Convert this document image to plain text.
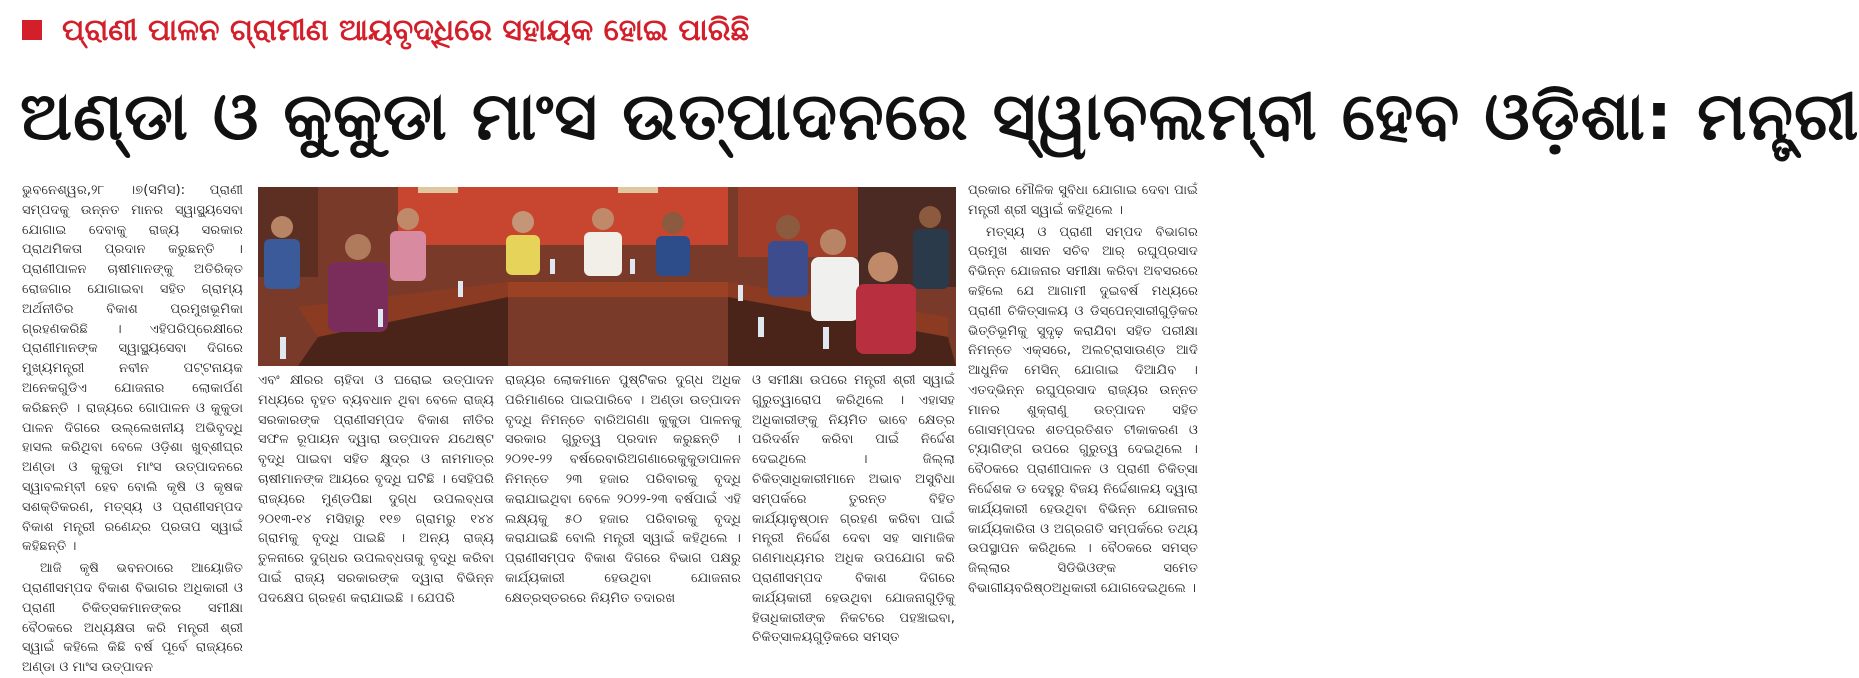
ପ୍ରାଣୀ ପାଳନ ଗ୍ରାମୀଣ ଆୟବୃଦ୍ଧିରେ ସହାୟକ ହୋଇ ପାରିଛି
ଅଣ୍ଡା ଓ କୁକୁଡା ମାଂସ ଉତ୍ପାଦନରେ ସ୍ୱାବଲମ୍ବୀ ହେବ ଓଡ଼ିଶା: ମନ୍ତ୍ରୀ

ଭୁବନେଶ୍ୱର,୨୮ ।୭(ସମିସ): ପ୍ରାଣୀ ସମ୍ପଦକୁ ଉନ୍ନତ ମାନର ସ୍ୱାସ୍ଥ୍ୟସେବା ଯୋଗାଇ ଦେବାକୁ ରାଜ୍ୟ ସରକାର ପ୍ରାଥମିକତା ପ୍ରଦାନ କରୁଛନ୍ତି । ପ୍ରାଣୀପାଳନ ଚାଷୀମାନଙ୍କୁ ଅତିରିକ୍ତ ରୋଜଗାର ଯୋଗାଇବା ସହିତ ଗ୍ରାମ୍ୟ ଅର୍ଥନୀତିର ବିକାଶ ପ୍ରମୁଖଭୂମିକା ଗ୍ରହଣକରିଛି । ଏହିପରିପ୍ରେକ୍ଷୀରେ ପ୍ରାଣୀମାନଙ୍କ ସ୍ୱାସ୍ଥ୍ୟସେବା ଦିଗରେ ମୁଖ୍ୟମନ୍ତ୍ରୀ ନବୀନ ପଟ୍ଟନାୟକ ଅନେକଗୁଡିଏ ଯୋଜନାର ଲୋକାର୍ପଣ କରିଛନ୍ତି । ରାଜ୍ୟରେ ଗୋପାଳନ ଓ କୁକୁଡା ପାଳନ ଦିଗରେ ଉଲ୍ଲେଖନୀୟ ଅଭିବୃଦ୍ଧି ହାସଲ କରିଥିବା ବେଳେ ଓଡ଼ିଶା ଖୁବ୍‌ଶୀଘ୍ର ଅଣ୍ଡା ଓ କୁକୁଡା ମାଂସ ଉତ୍ପାଦନରେ ସ୍ୱାବଲମ୍ବୀ ହେବ ବୋଲି କୃଷି ଓ କୃଷକ ସଶକ୍ତିକରଣ, ମତ୍ସ୍ୟ ଓ ପ୍ରାଣୀସମ୍ପଦ ବିକାଶ ମନ୍ତ୍ରୀ ରଣେନ୍ଦ୍ର ପ୍ରତାପ ସ୍ୱାଇଁ କହିଛନ୍ତି ।

ଆଜି କୃଷି ଭବନଠାରେ ଆୟୋଜିତ ପ୍ରାଣୀସମ୍ପଦ ବିକାଶ ବିଭାଗର ଅଧିକାରୀ ଓ ପ୍ରାଣୀ ଚିକିତ୍ସକମାନଙ୍କର ସମୀକ୍ଷା ବୈଠକରେ ଅଧ୍ୟକ୍ଷତା କରି ମନ୍ତ୍ରୀ ଶ୍ରୀ ସ୍ୱାଇଁ କହିଲେ କିଛି ବର୍ଷ ପୂର୍ବେ ରାଜ୍ୟରେ ଅଣ୍ଡା ଓ ମାଂସ ଉତ୍ପାଦନ

ଏବଂ କ୍ଷୀରର ଚାହିଦା ଓ ଘରୋଇ ଉତ୍ପାଦନ ମଧ୍ୟରେ ବୃହତ ବ୍ୟବଧାନ ଥିବା ବେଳେ ରାଜ୍ୟ ସରକାରଙ୍କ ପ୍ରାଣୀସମ୍ପଦ ବିକାଶ ନୀତିର ସଫଳ ରୂପାୟନ ଦ୍ୱାରା ଉତ୍ପାଦନ ଯଥେଷ୍ଟ ବୃଦ୍ଧି ପାଇବା ସହିତ କ୍ଷୁଦ୍ର ଓ ନାମମାତ୍ର ଚାଷୀମାନଙ୍କ ଆୟରେ ବୃଦ୍ଧି ଘଟିଛି । ସେହିପରି ରାଜ୍ୟରେ ମୁଣ୍ଡପିଛା ଦୁଗ୍ଧ ଉପଲବ୍ଧତା ୨୦୧୩-୧୪ ମସିହାରୁ ୧୧୭ ଗ୍ରାମରୁ ୧୪୪ ଗ୍ରାମକୁ ବୃଦ୍ଧି ପାଇଛି । ଅନ୍ୟ ରାଜ୍ୟ ତୁଳନାରେ ଦୁଗ୍ଧର ଉପଲବ୍ଧତାକୁ ବୃଦ୍ଧି କରିବା ପାଇଁ ରାଜ୍ୟ ସରକାରଙ୍କ ଦ୍ୱାରା ବିଭିନ୍ନ ପଦକ୍ଷେପ ଗ୍ରହଣ କରାଯାଇଛି । ଯେପରି

ରାଜ୍ୟର ଲୋକମାନେ ପୁଷ୍ଟିକର ଦୁଗ୍ଧ ଅଧିକ ପରିମାଣରେ ପାଇପାରିବେ । ଅଣ୍ଡା ଉତ୍ପାଦନ ବୃଦ୍ଧି ନିମନ୍ତେ ବାରିଅଗଣା କୁକୁଡା ପାଳନକୁ ସରକାର ଗୁରୁତ୍ୱ ପ୍ରଦାନ କରୁଛନ୍ତି । ୨୦୨୧-୨୨ ବର୍ଷରେବାରିଅଗଣାରେକୁକୁଡାପାଳନ ନିମନ୍ତେ ୨୩ ହଜାର ପରିବାରକୁ ବୃଦ୍ଧି କରାଯାଇଥିବା ବେଳେ ୨୦୨୨-୨୩ ବର୍ଷପାଇଁ ଏହି ଲକ୍ଷ୍ୟକୁ ୫୦ ହଜାର ପରିବାରକୁ ବୃଦ୍ଧି କରାଯାଇଛି ବୋଲି ମନ୍ତ୍ରୀ ସ୍ୱାଇଁ କହିଥିଲେ । ପ୍ରାଣୀସମ୍ପଦ ବିକାଶ ଦିଗରେ ବିଭାଗ ପକ୍ଷରୁ କାର୍ଯ୍ୟକାରୀ ହେଉଥିବା ଯୋଜନାର କ୍ଷେତ୍ରସ୍ତରରେ ନିୟମିତ ତଦାରଖ

ଓ ସମୀକ୍ଷା ଉପରେ ମନ୍ତ୍ରୀ ଶ୍ରୀ ସ୍ୱାଇଁ ଗୁରୁତ୍ୱାରୋପ କରିଥିଲେ । ଏହାସହ ଅଧିକାରୀଙ୍କୁ ନିୟମିତ ଭାବେ କ୍ଷେତ୍ର ପରିଦର୍ଶନ କରିବା ପାଇଁ ନିର୍ଦ୍ଦେଶ ଦେଇଥିଲେ । ଜିଲ୍ଲା ଚିକିତ୍ସାଧିକାରୀମାନେ ଅଭାବ ଅସୁବିଧା ସମ୍ପର୍କରେ ତୁରନ୍ତ ବିହିତ କାର୍ଯ୍ୟାନୁଷ୍ଠାନ ଗ୍ରହଣ କରିବା ପାଇଁ ମନ୍ତ୍ରୀ ନିର୍ଦ୍ଦେଶ ଦେବା ସହ ସାମାଜିକ ଗଣମାଧ୍ୟମର ଅଧିକ ଉପଯୋଗ କରି ପ୍ରାଣୀସମ୍ପଦ ବିକାଶ ଦିଗରେ କାର୍ଯ୍ୟକାରୀ ହେଉଥିବା ଯୋଜନାଗୁଡ଼ିକୁ ହିତାଧିକାରୀଙ୍କ ନିକଟରେ ପହଞ୍ଚାଇବା, ଚିକିତ୍ସାଳୟଗୁଡ଼ିକରେ ସମସ୍ତ

ପ୍ରକାର ମୌଳିକ ସୁବିଧା ଯୋଗାଇ ଦେବା ପାଇଁ ମନ୍ତ୍ରୀ ଶ୍ରୀ ସ୍ୱାଇଁ କହିଥିଲେ ।

ମତ୍ସ୍ୟ ଓ ପ୍ରାଣୀ ସମ୍ପଦ ବିଭାଗର ପ୍ରମୁଖ ଶାସନ ସଚିବ ଆର୍‌ ରଘୁପ୍ରସାଦ ବିଭିନ୍ନ ଯୋଜନାର ସମୀକ୍ଷା କରିବା ଅବସରରେ କହିଲେ ଯେ ଆଗାମୀ ଦୁଇବର୍ଷ ମଧ୍ୟରେ ପ୍ରାଣୀ ଚିକିତ୍ସାଳୟ ଓ ଡିସ୍‌ପେନ୍‌ସାରୀଗୁଡ଼ିକର ଭିତ୍ତିଭୂମିକୁ ସୁଦୃଢ଼ କରାଯିବା ସହିତ ପରୀକ୍ଷା ନିମନ୍ତେ ଏକ୍ସରେ, ଅଲଟ୍ରାସାଉଣ୍ଡ ଆଦି ଆଧୁନିକ ମେସିନ୍‌ ଯୋଗାଇ ଦିଆଯିବ । ଏତଦ୍‌ଭିନ୍ନ ରଘୁପ୍ରସାଦ ରାଜ୍ୟର ଉନ୍ନତ ମାନର ଶୁକ୍ରାଣୁ ଉତ୍ପାଦନ ସହିତ ଗୋସମ୍ପଦର ଶତପ୍ରତିଶତ ଟୀକାକରଣ ଓ ଟ୍ୟାଗିଙ୍ଗ ଉପରେ ଗୁରୁତ୍ୱ ଦେଇଥିଲେ । ବୈଠକରେ ପ୍ରାଣୀପାଳନ ଓ ପ୍ରାଣୀ ଚିକିତ୍ସା ନିର୍ଦ୍ଦେଶକ ଡ ଦେହୁରୁ ବିଜୟ ନିର୍ଦ୍ଦେଶାଳୟ ଦ୍ୱାରା କାର୍ଯ୍ୟକାରୀ ହେଉଥିବା ବିଭିନ୍ନ ଯୋଜନାର କାର୍ଯ୍ୟକାରିତା ଓ ଅଗ୍ରଗତି ସମ୍ପର୍କରେ ତଥ୍ୟ ଉପସ୍ଥାପନ କରିଥିଲେ । ବୈଠକରେ ସମସ୍ତ ଜିଲ୍ଲାର ସିଡିଭିଓଙ୍କ ସମେତ ବିଭାଗୀୟବରିଷ୍ଠଅଧିକାରୀ ଯୋଗଦେଇଥିଲେ ।
